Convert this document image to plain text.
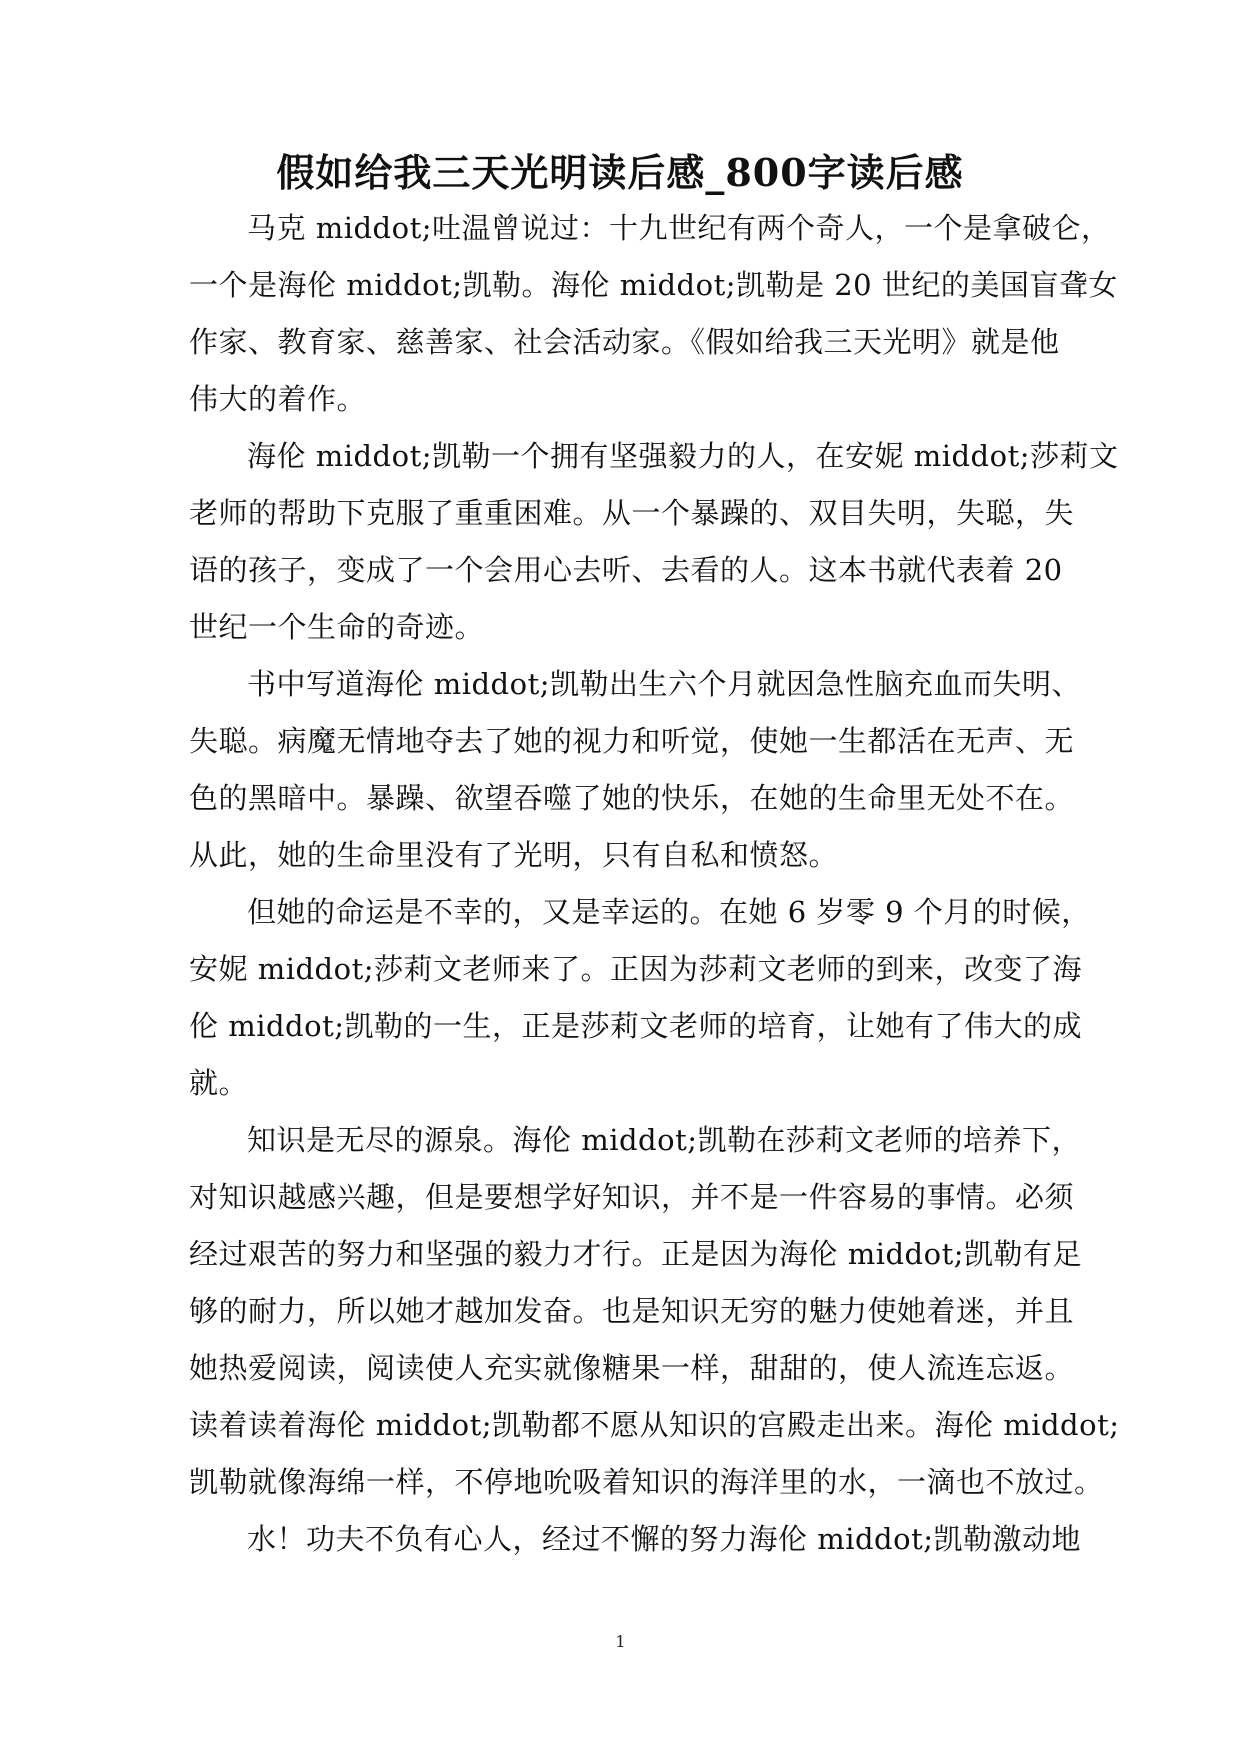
假如给我三天光明读后感_800字读后感
马克 middot;吐温曾说过：十九世纪有两个奇人，一个是拿破仑，
一个是海伦 middot;凯勒。海伦 middot;凯勒是 20 世纪的美国盲聋女
作家、教育家、慈善家、社会活动家。《假如给我三天光明》就是他
伟大的着作。
海伦 middot;凯勒一个拥有坚强毅力的人，在安妮 middot;莎莉文
老师的帮助下克服了重重困难。从一个暴躁的、双目失明，失聪，失
语的孩子，变成了一个会用心去听、去看的人。这本书就代表着 20
世纪一个生命的奇迹。
书中写道海伦 middot;凯勒出生六个月就因急性脑充血而失明、
失聪。病魔无情地夺去了她的视力和听觉，使她一生都活在无声、无
色的黑暗中。暴躁、欲望吞噬了她的快乐，在她的生命里无处不在。
从此，她的生命里没有了光明，只有自私和愤怒。
但她的命运是不幸的，又是幸运的。在她 6 岁零 9 个月的时候，
安妮 middot;莎莉文老师来了。正因为莎莉文老师的到来，改变了海
伦 middot;凯勒的一生，正是莎莉文老师的培育，让她有了伟大的成
就。
知识是无尽的源泉。海伦 middot;凯勒在莎莉文老师的培养下，
对知识越感兴趣，但是要想学好知识，并不是一件容易的事情。必须
经过艰苦的努力和坚强的毅力才行。正是因为海伦 middot;凯勒有足
够的耐力，所以她才越加发奋。也是知识无穷的魅力使她着迷，并且
她热爱阅读，阅读使人充实就像糖果一样，甜甜的，使人流连忘返。
读着读着海伦 middot;凯勒都不愿从知识的宫殿走出来。海伦 middot;
凯勒就像海绵一样，不停地吮吸着知识的海洋里的水，一滴也不放过。
水！功夫不负有心人，经过不懈的努力海伦 middot;凯勒激动地
1
